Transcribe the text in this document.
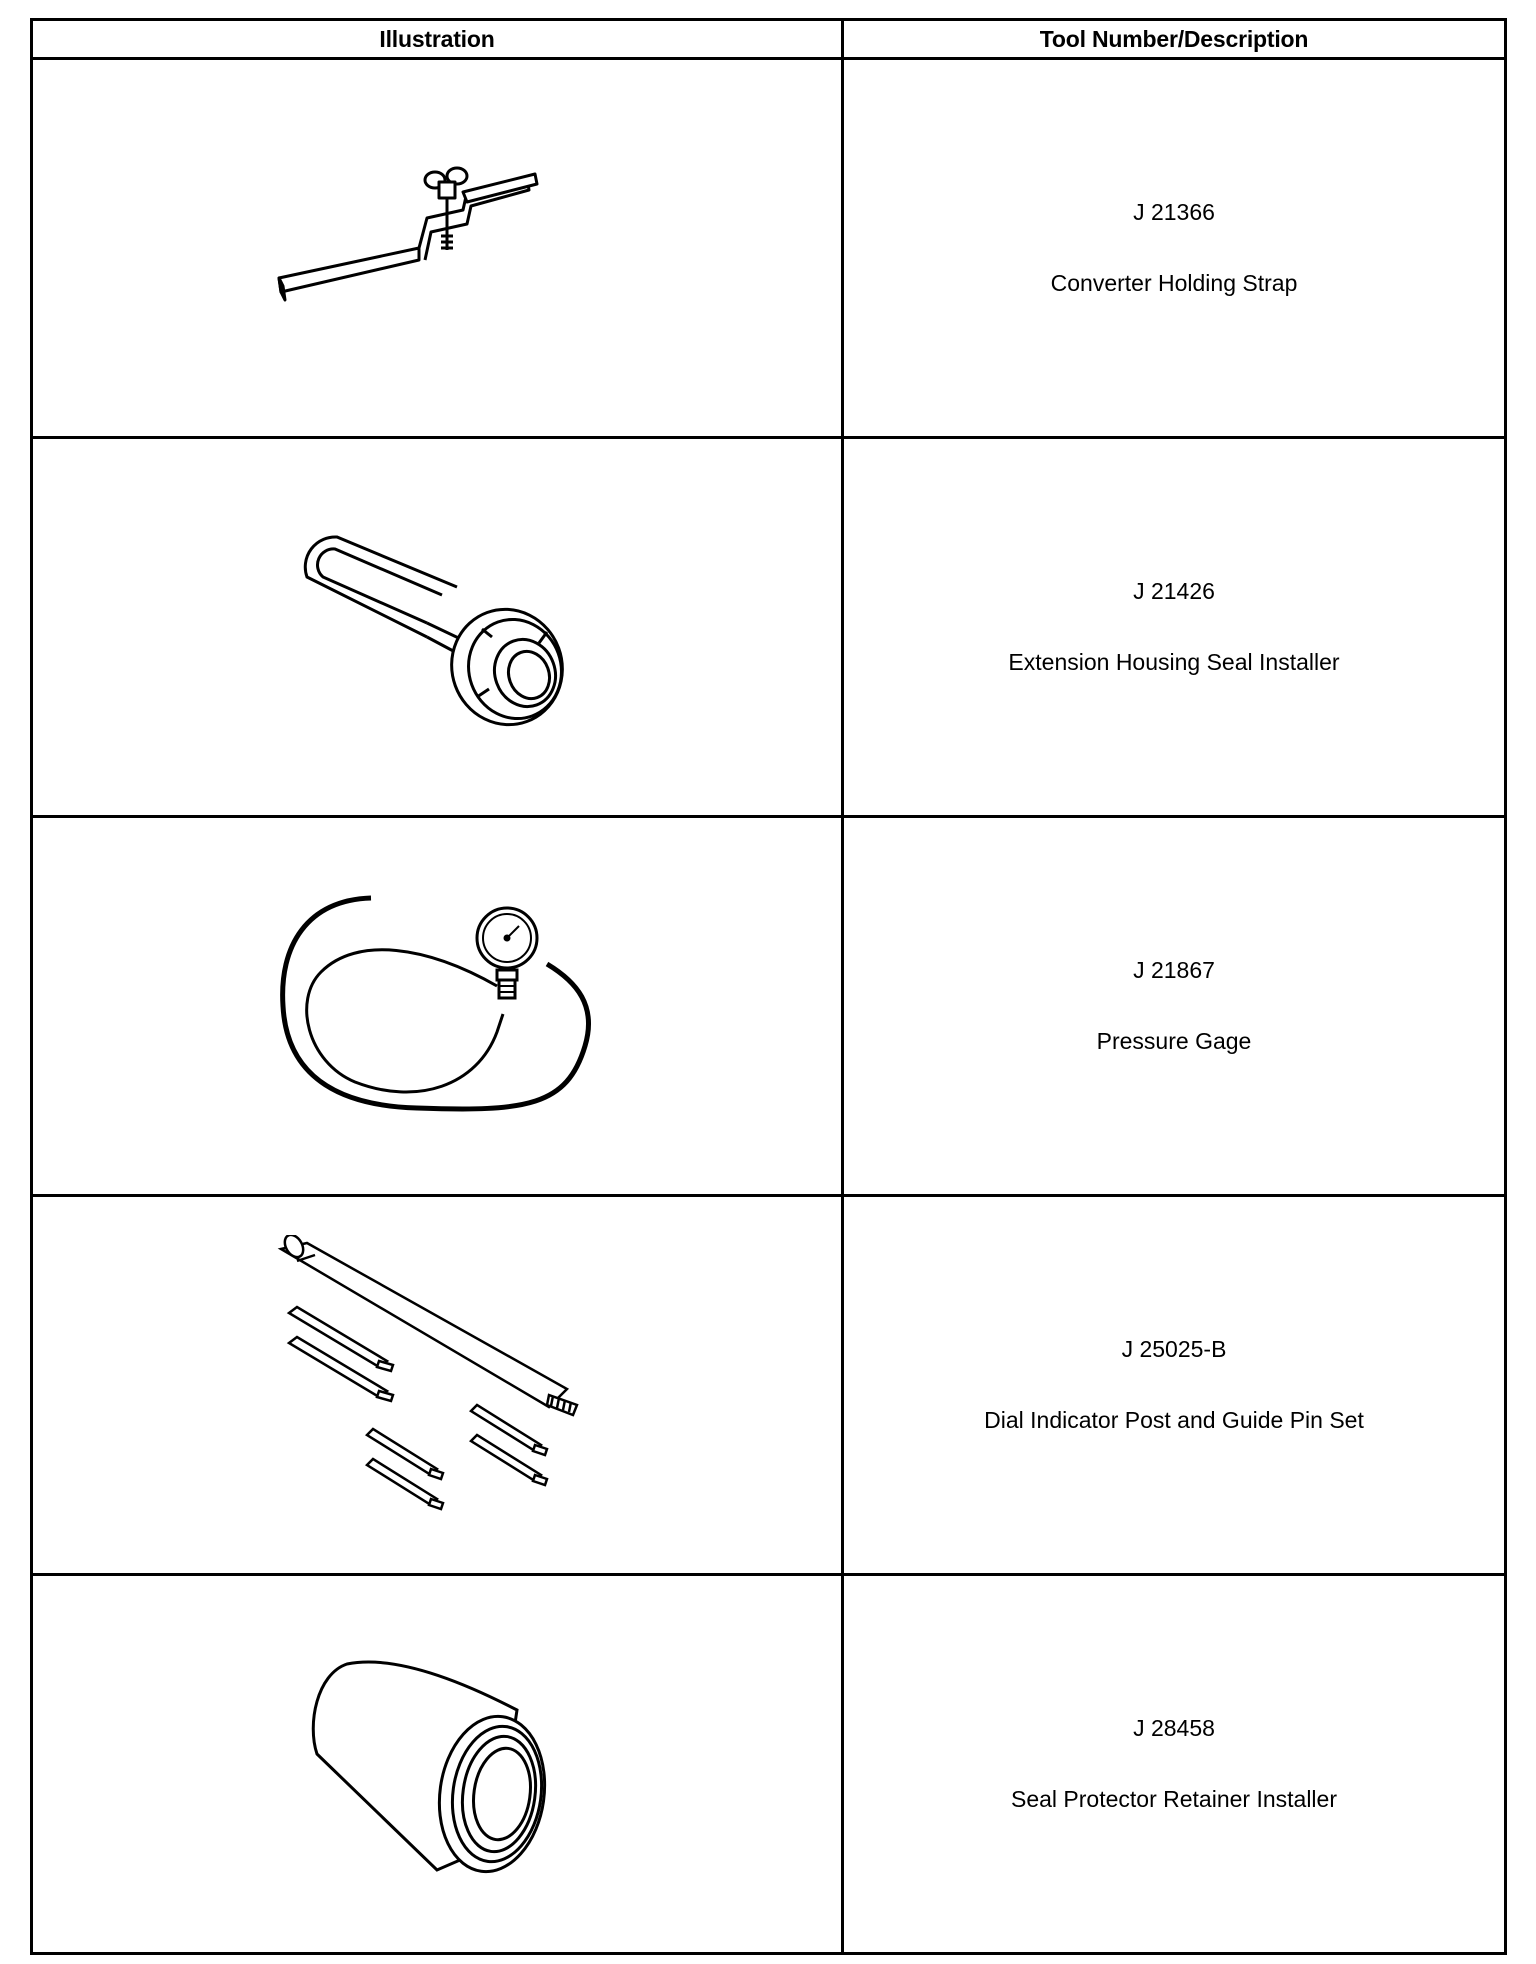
Illustration	Tool Number/Description

J 21366
Converter Holding Strap

J 21426
Extension Housing Seal Installer

J 21867
Pressure Gage

J 25025-B
Dial Indicator Post and Guide Pin Set

J 28458
Seal Protector Retainer Installer
